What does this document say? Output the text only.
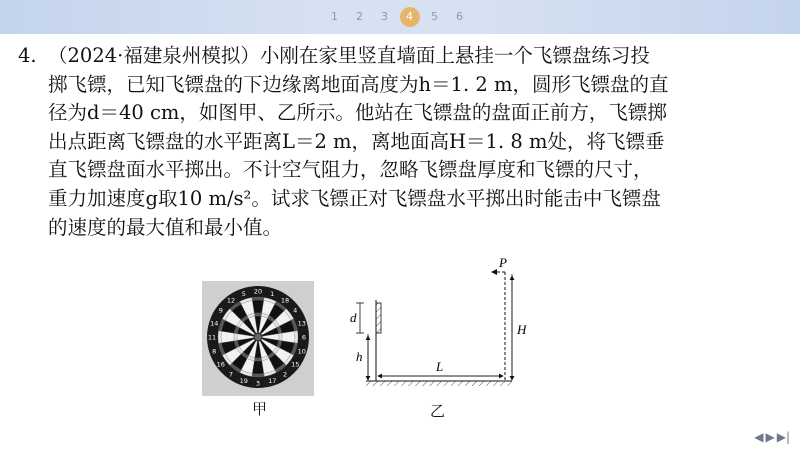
1	2	3	4	5	6

4. （2024·福建泉州模拟）小刚在家里竖直墙面上悬挂一个飞镖盘练习投

掷飞镖，已知飞镖盘的下边缘离地面高度为h＝1. 2 m，圆形飞镖盘的直

径为d＝40 cm，如图甲、乙所示。他站在飞镖盘的盘面正前方，飞镖掷

出点距离飞镖盘的水平距离L＝2 m，离地面高H＝1. 8 m处，将飞镖垂

直飞镖盘面水平掷出。不计空气阻力，忽略飞镖盘厚度和飞镖的尺寸，

重力加速度g取10 m/s²。试求飞镖正对飞镖盘水平掷出时能击中飞镖盘

的速度的最大值和最小值。

20 1
18
4
13
6
10
15
2
17
3
19
7
16
8
11
14
9
12
5
甲
d
h
P
H
L
乙
◀ ▶ ▶|
